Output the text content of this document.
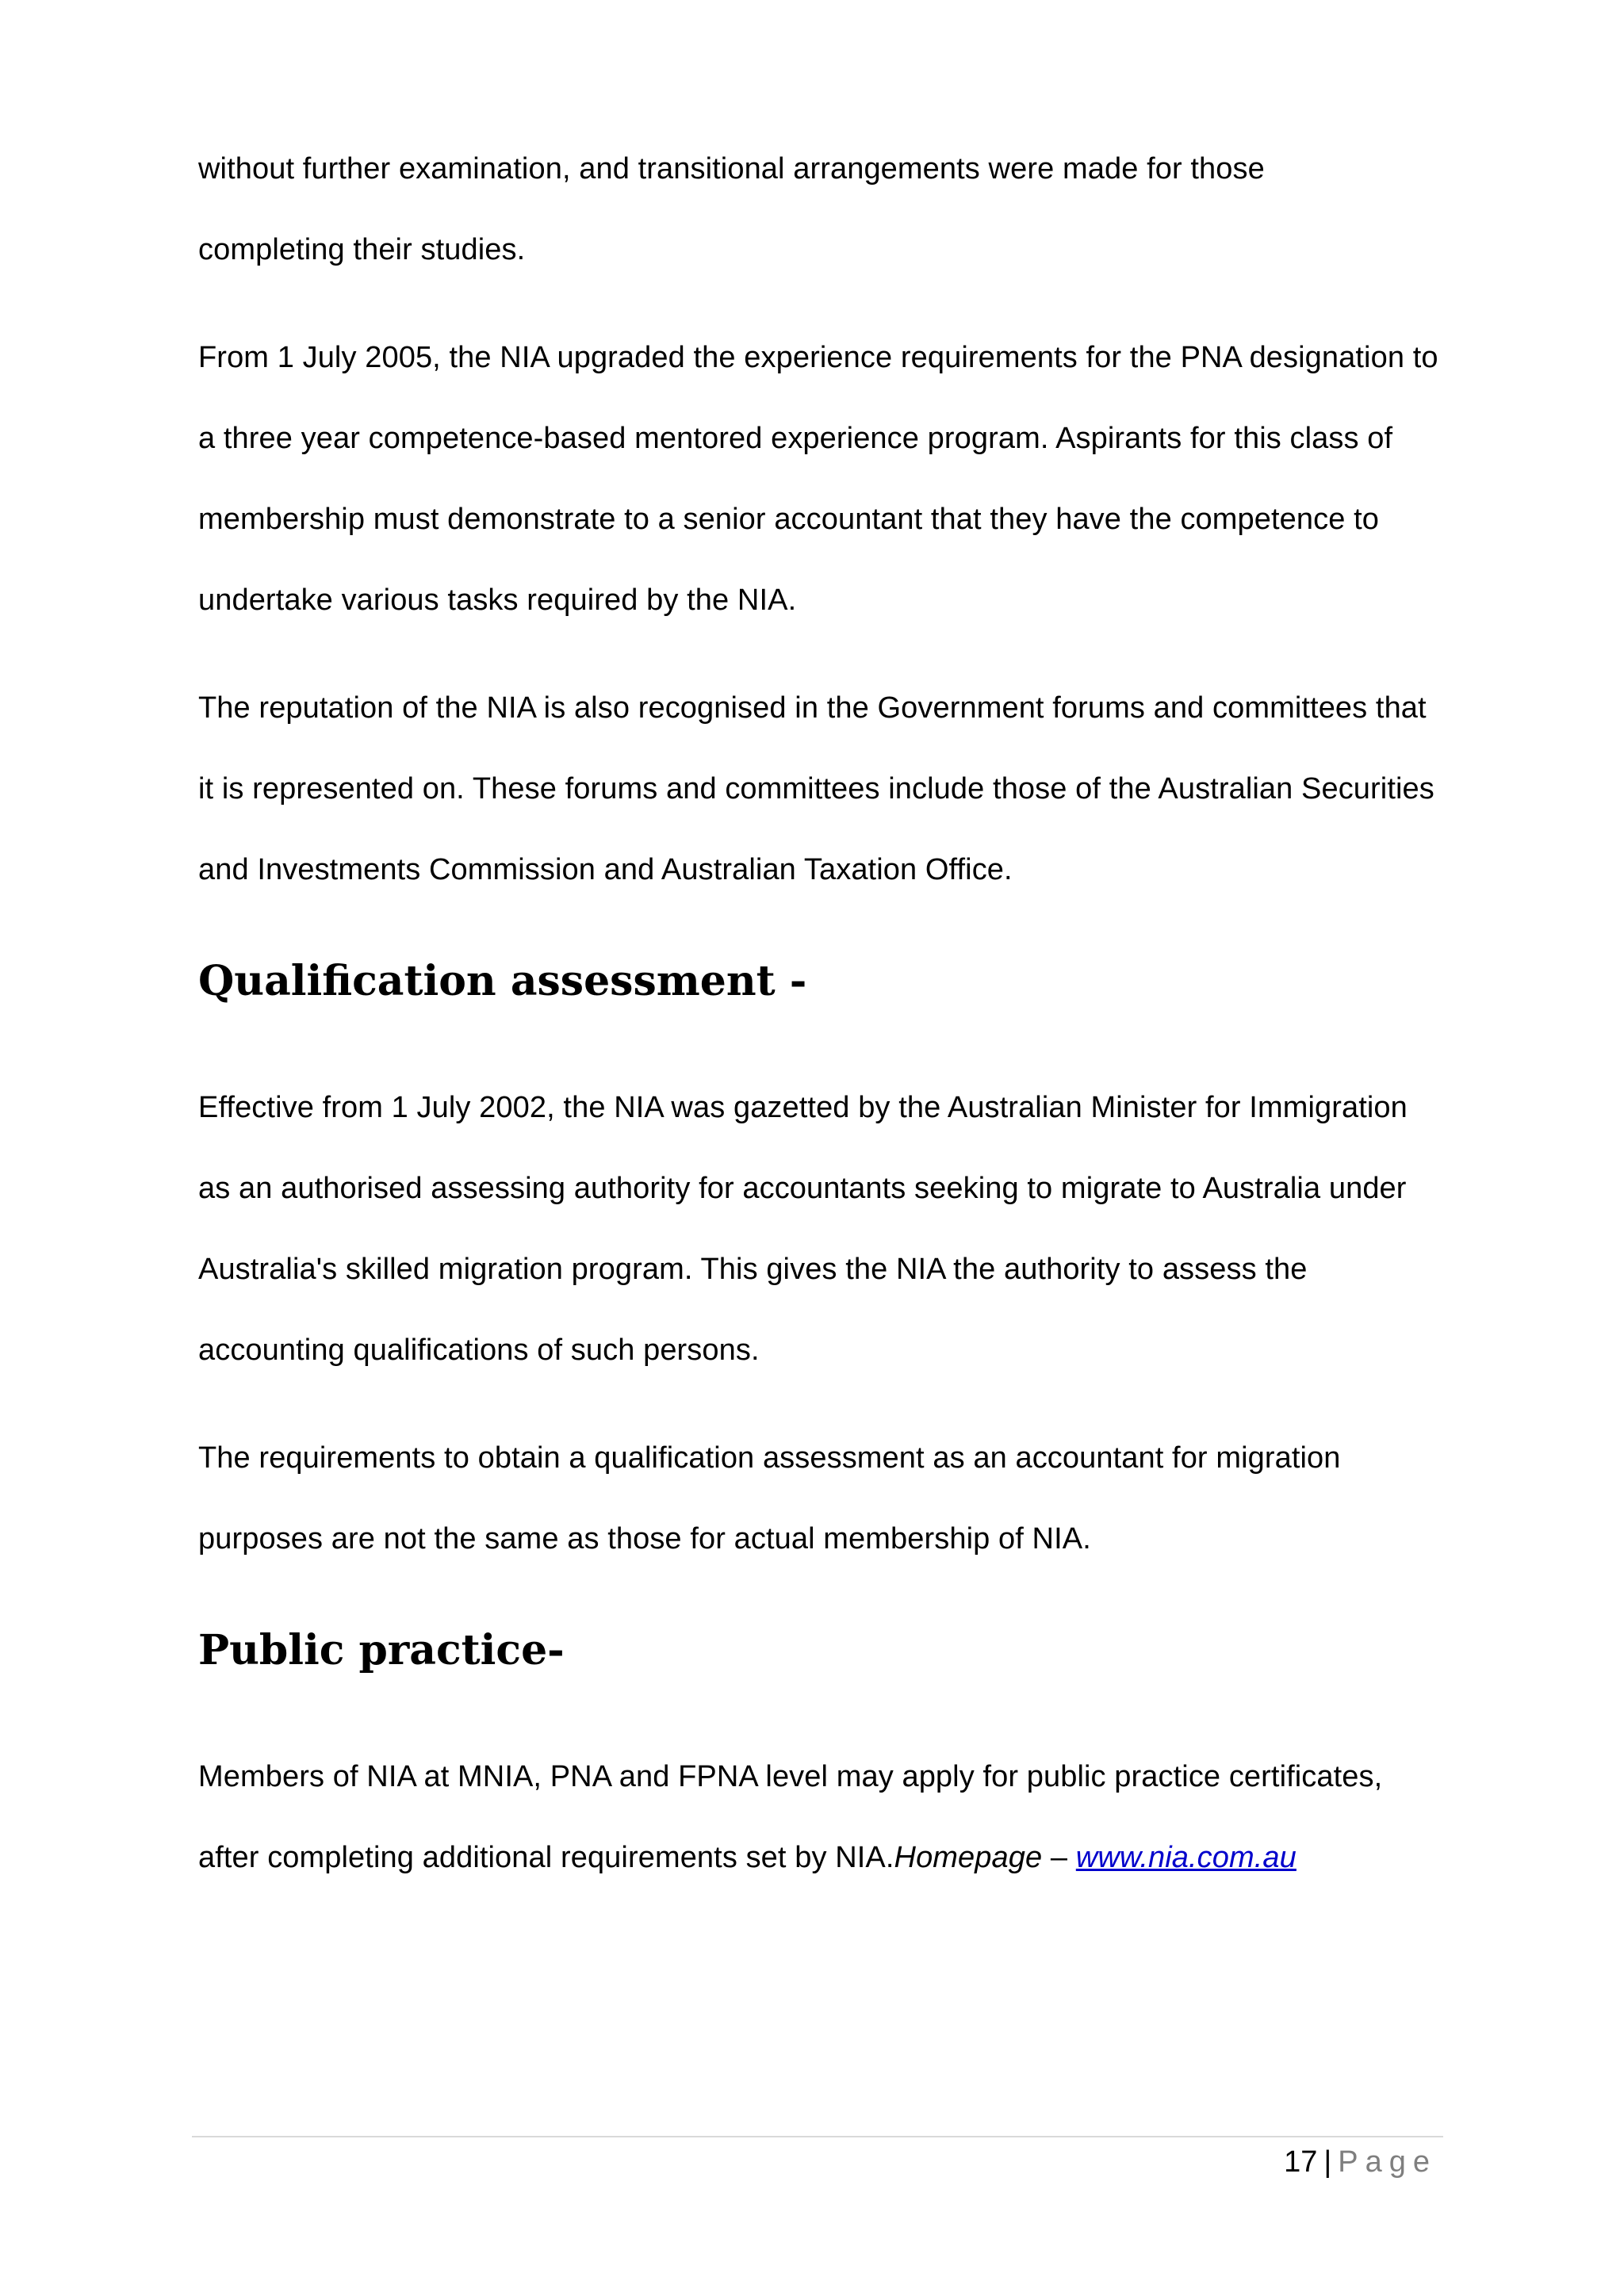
without further examination, and transitional arrangements were made for those

completing their studies.

From 1 July 2005, the NIA upgraded the experience requirements for the PNA designation to

a three year competence-based mentored experience program. Aspirants for this class of

membership must demonstrate to a senior accountant that they have the competence to

undertake various tasks required by the NIA.

The reputation of the NIA is also recognised in the Government forums and committees that

it is represented on. These forums and committees include those of the Australian Securities

and Investments Commission and Australian Taxation Office.

Qualification assessment -

Effective from 1 July 2002, the NIA was gazetted by the Australian Minister for Immigration

as an authorised assessing authority for accountants seeking to migrate to Australia under

Australia's skilled migration program. This gives the NIA the authority to assess the

accounting qualifications of such persons.

The requirements to obtain a qualification assessment as an accountant for migration

purposes are not the same as those for actual membership of NIA.

Public practice-

Members of NIA at MNIA, PNA and FPNA level may apply for public practice certificates,

after completing additional requirements set by NIA.Homepage – www.nia.com.au

17 | Page
